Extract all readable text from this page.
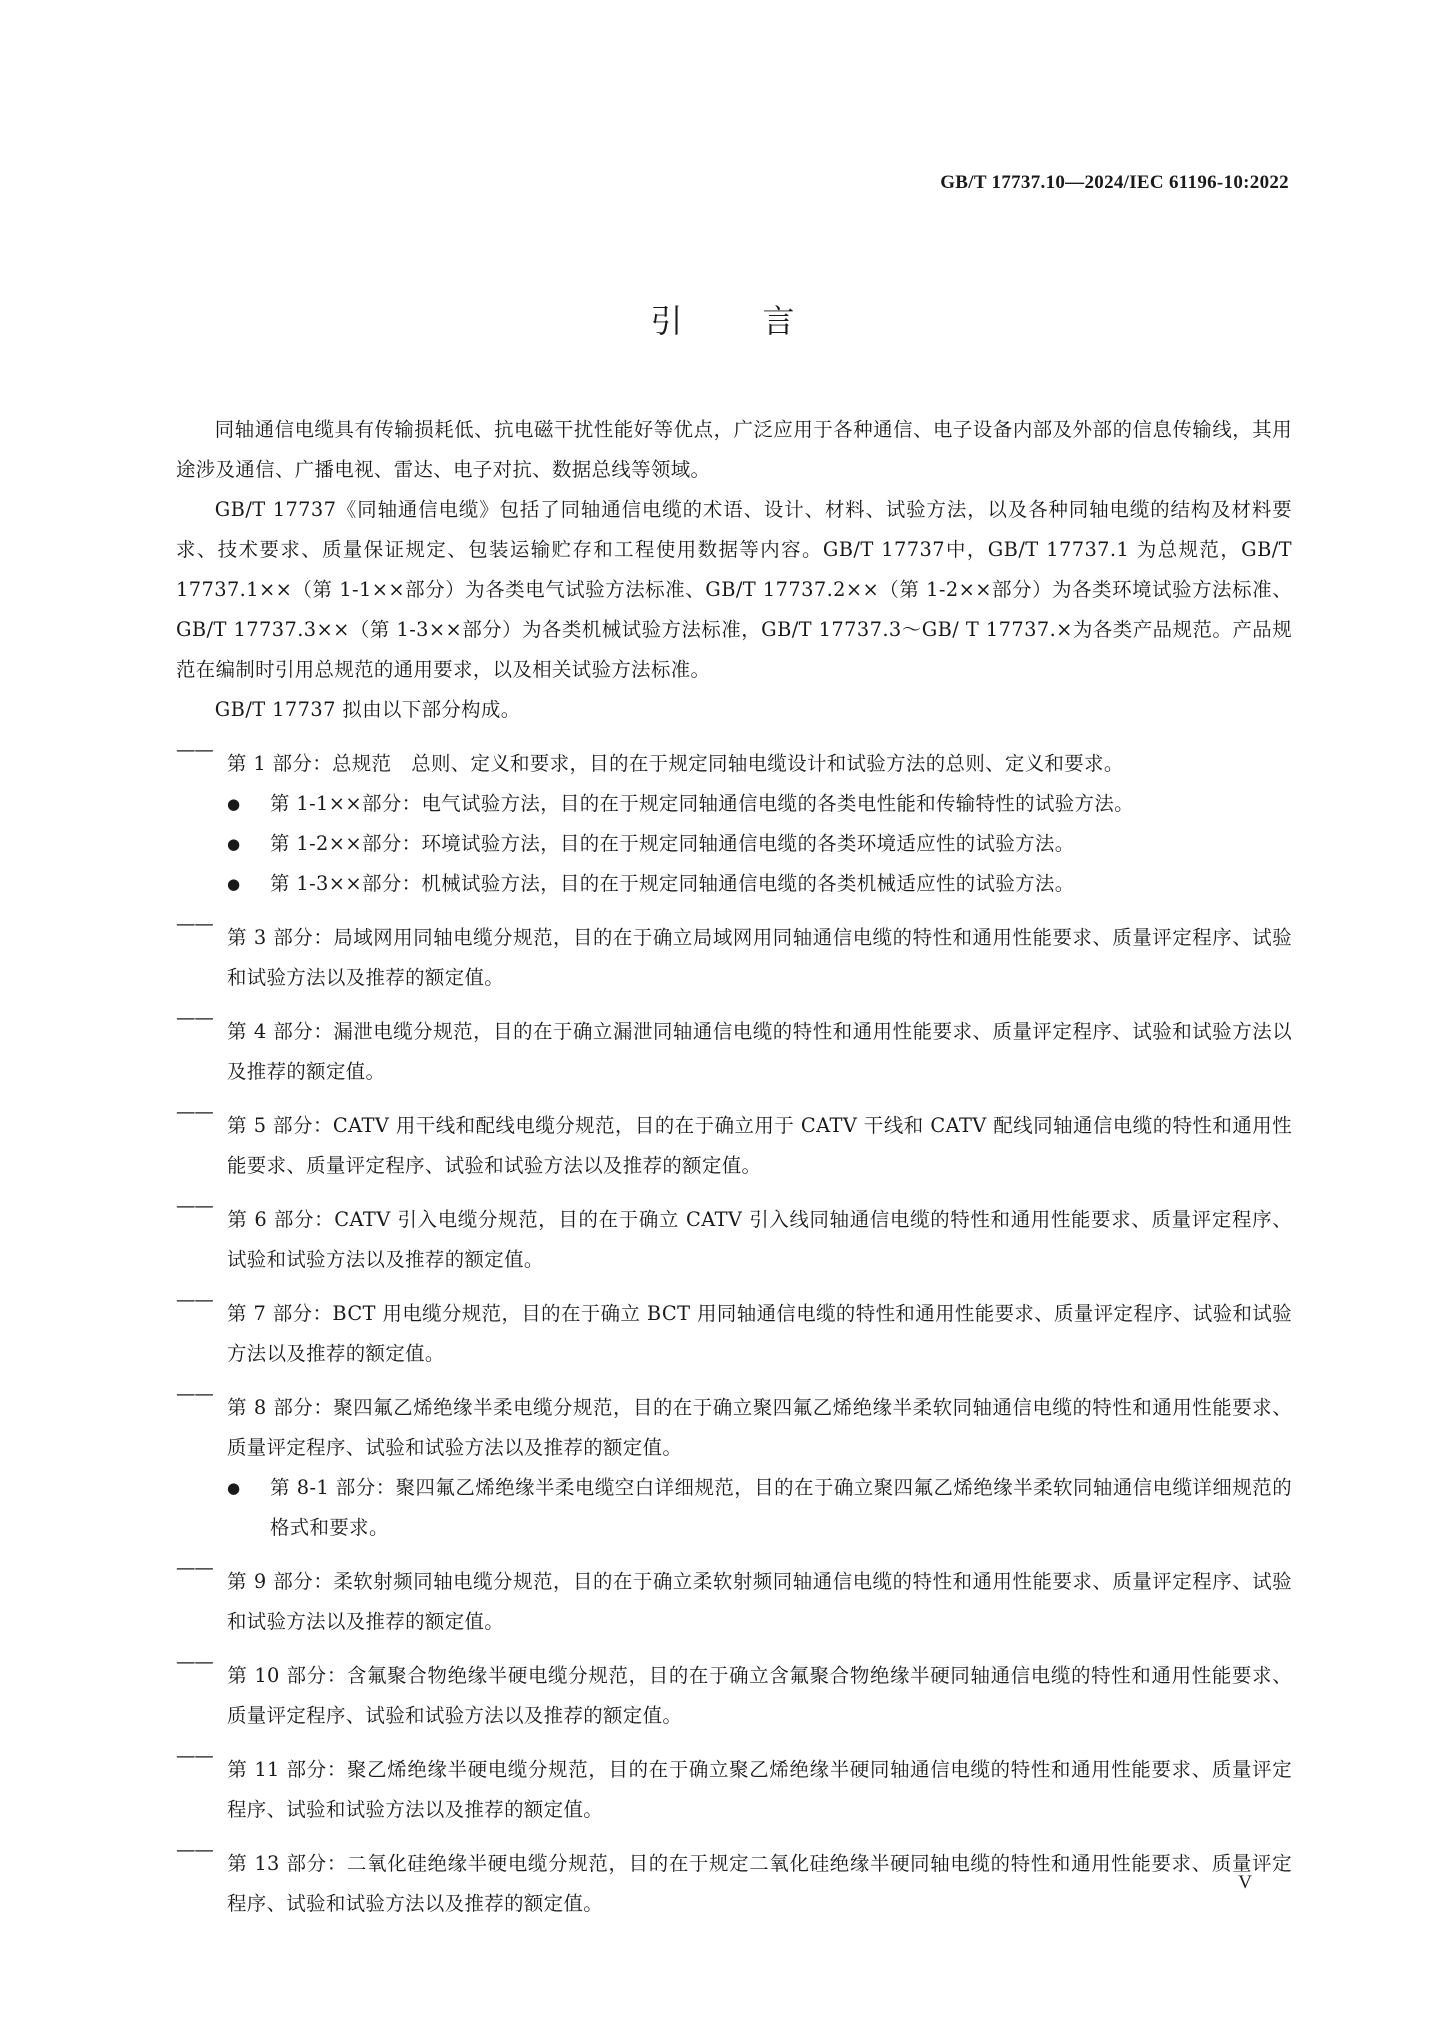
GB/T 17737.10—2024/IEC 61196-10:2022
引言

同轴通信电缆具有传输损耗低、抗电磁干扰性能好等优点，广泛应用于各种通信、电子设备内部及外部的信息传输线，其用途涉及通信、广播电视、雷达、电子对抗、数据总线等领域。

GB/T 17737《同轴通信电缆》包括了同轴通信电缆的术语、设计、材料、试验方法，以及各种同轴电缆的结构及材料要求、技术要求、质量保证规定、包装运输贮存和工程使用数据等内容。GB/T 17737中，GB/T 17737.1 为总规范，GB/T 17737.1××（第 1-1××部分）为各类电气试验方法标准、GB/T 17737.2××（第 1-2××部分）为各类环境试验方法标准、GB/T 17737.3××（第 1-3××部分）为各类机械试验方法标准，GB/T 17737.3～GB/ T 17737.×为各类产品规范。产品规范在编制时引用总规范的通用要求，以及相关试验方法标准。

GB/T 17737 拟由以下部分构成。

——第 1 部分：总规范　总则、定义和要求，目的在于规定同轴电缆设计和试验方法的总则、定义和要求。

● 第 1-1××部分：电气试验方法，目的在于规定同轴通信电缆的各类电性能和传输特性的试验方法。

● 第 1-2××部分：环境试验方法，目的在于规定同轴通信电缆的各类环境适应性的试验方法。

● 第 1-3××部分：机械试验方法，目的在于规定同轴通信电缆的各类机械适应性的试验方法。

——第 3 部分：局域网用同轴电缆分规范，目的在于确立局域网用同轴通信电缆的特性和通用性能要求、质量评定程序、试验和试验方法以及推荐的额定值。

——第 4 部分：漏泄电缆分规范，目的在于确立漏泄同轴通信电缆的特性和通用性能要求、质量评定程序、试验和试验方法以及推荐的额定值。

——第 5 部分：CATV 用干线和配线电缆分规范，目的在于确立用于 CATV 干线和 CATV 配线同轴通信电缆的特性和通用性能要求、质量评定程序、试验和试验方法以及推荐的额定值。

——第 6 部分：CATV 引入电缆分规范，目的在于确立 CATV 引入线同轴通信电缆的特性和通用性能要求、质量评定程序、试验和试验方法以及推荐的额定值。

——第 7 部分：BCT 用电缆分规范，目的在于确立 BCT 用同轴通信电缆的特性和通用性能要求、质量评定程序、试验和试验方法以及推荐的额定值。

——第 8 部分：聚四氟乙烯绝缘半柔电缆分规范，目的在于确立聚四氟乙烯绝缘半柔软同轴通信电缆的特性和通用性能要求、质量评定程序、试验和试验方法以及推荐的额定值。

● 第 8-1 部分：聚四氟乙烯绝缘半柔电缆空白详细规范，目的在于确立聚四氟乙烯绝缘半柔软同轴通信电缆详细规范的格式和要求。

——第 9 部分：柔软射频同轴电缆分规范，目的在于确立柔软射频同轴通信电缆的特性和通用性能要求、质量评定程序、试验和试验方法以及推荐的额定值。

——第 10 部分：含氟聚合物绝缘半硬电缆分规范，目的在于确立含氟聚合物绝缘半硬同轴通信电缆的特性和通用性能要求、质量评定程序、试验和试验方法以及推荐的额定值。

——第 11 部分：聚乙烯绝缘半硬电缆分规范，目的在于确立聚乙烯绝缘半硬同轴通信电缆的特性和通用性能要求、质量评定程序、试验和试验方法以及推荐的额定值。

——第 13 部分：二氧化硅绝缘半硬电缆分规范，目的在于规定二氧化硅绝缘半硬同轴电缆的特性和通用性能要求、质量评定程序、试验和试验方法以及推荐的额定值。

V
